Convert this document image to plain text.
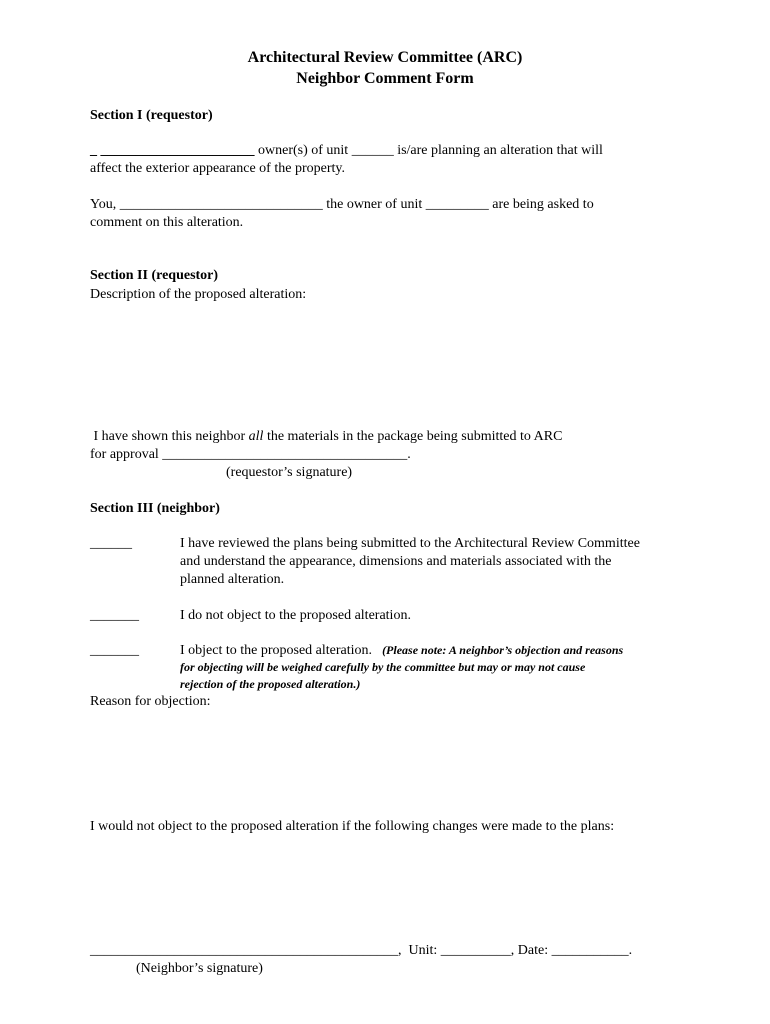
Architectural Review Committee (ARC)
Neighbor Comment Form
Section I (requestor)
_ ______________________ owner(s) of unit ______ is/are planning an alteration that will
affect the exterior appearance of the property.
You, _____________________________ the owner of unit _________ are being asked to
comment on this alteration.
Section II (requestor)
Description of the proposed alteration:
I have shown this neighbor all the materials in the package being submitted to ARC
for approval ___________________________________.
(requestor’s signature)
Section III (neighbor)
______	I have reviewed the plans being submitted to the Architectural Review Committee
and understand the appearance, dimensions and materials associated with the
planned alteration.
_______	I do not object to the proposed alteration.
_______	I object to the proposed alteration. (Please note: A neighbor’s objection and reasons
for objecting will be weighed carefully by the committee but may or may not cause
rejection of the proposed alteration.)
Reason for objection:
I would not object to the proposed alteration if the following changes were made to the plans:
____________________________________________,  Unit: __________, Date: ___________.
(Neighbor’s signature)
